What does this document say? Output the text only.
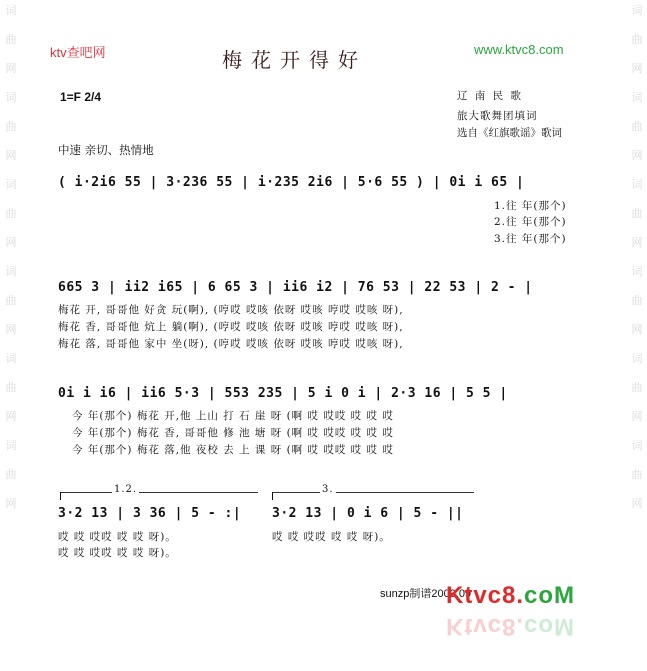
词
曲
网
词
曲
网
词
曲
网
词
曲
网
词
曲
网
词
曲
网
词
曲
网
词
曲
网
词
曲
网
词
曲
网
词
曲
网
词
曲
网
ktv查吧网	www.ktvc8.com
梅花开得好
1=F 2/4	辽 南 民 歌
旅大歌舞团填词
选自《红旗歌谣》歌词
中速 亲切、热情地
( i·2i6 55 | 3·236 55 | i·235 2i6 | 5·6 55 ) | 0i i 65 |
1.往 年(那个)
2.往 年(那个)
3.往 年(那个)
665 3 | ii2 i65 | 6 65 3 | ii6 i2 | 76 53 | 22 53 | 2 - |
梅花 开, 哥哥他 好贪 玩(啊), (哼哎 哎咳 依呀 哎咳 哼哎 哎咳 呀),
梅花 香, 哥哥他 炕上 躺(啊), (哼哎 哎咳 依呀 哎咳 哼哎 哎咳 呀),
梅花 落, 哥哥他 家中 坐(呀), (哼哎 哎咳 依呀 哎咳 哼哎 哎咳 呀),
0i i i6 | ii6 5·3 | 553 235 | 5 i 0 i | 2·3 16 | 5 5 |
今 年(那个) 梅花 开,他 上山 打 石 崖 呀 (啊 哎 哎哎 哎 哎 哎
今 年(那个) 梅花 香, 哥哥他 修 池 塘 呀 (啊 哎 哎哎 哎 哎 哎
今 年(那个) 梅花 落,他 夜校 去 上 课 呀 (啊 哎 哎哎 哎 哎 哎
1.2.	3.
3·2 13 | 3 36 | 5 - :| 3·2 13 | 0 i 6 | 5 - ||
哎 哎 哎哎 哎 哎 呀)。
哎 哎 哎哎 哎 哎 呀)。
哎 哎 哎哎 哎 哎 呀)。
sunzp制谱2009.09
Ktvc8.coM
Ktvc8.coM
